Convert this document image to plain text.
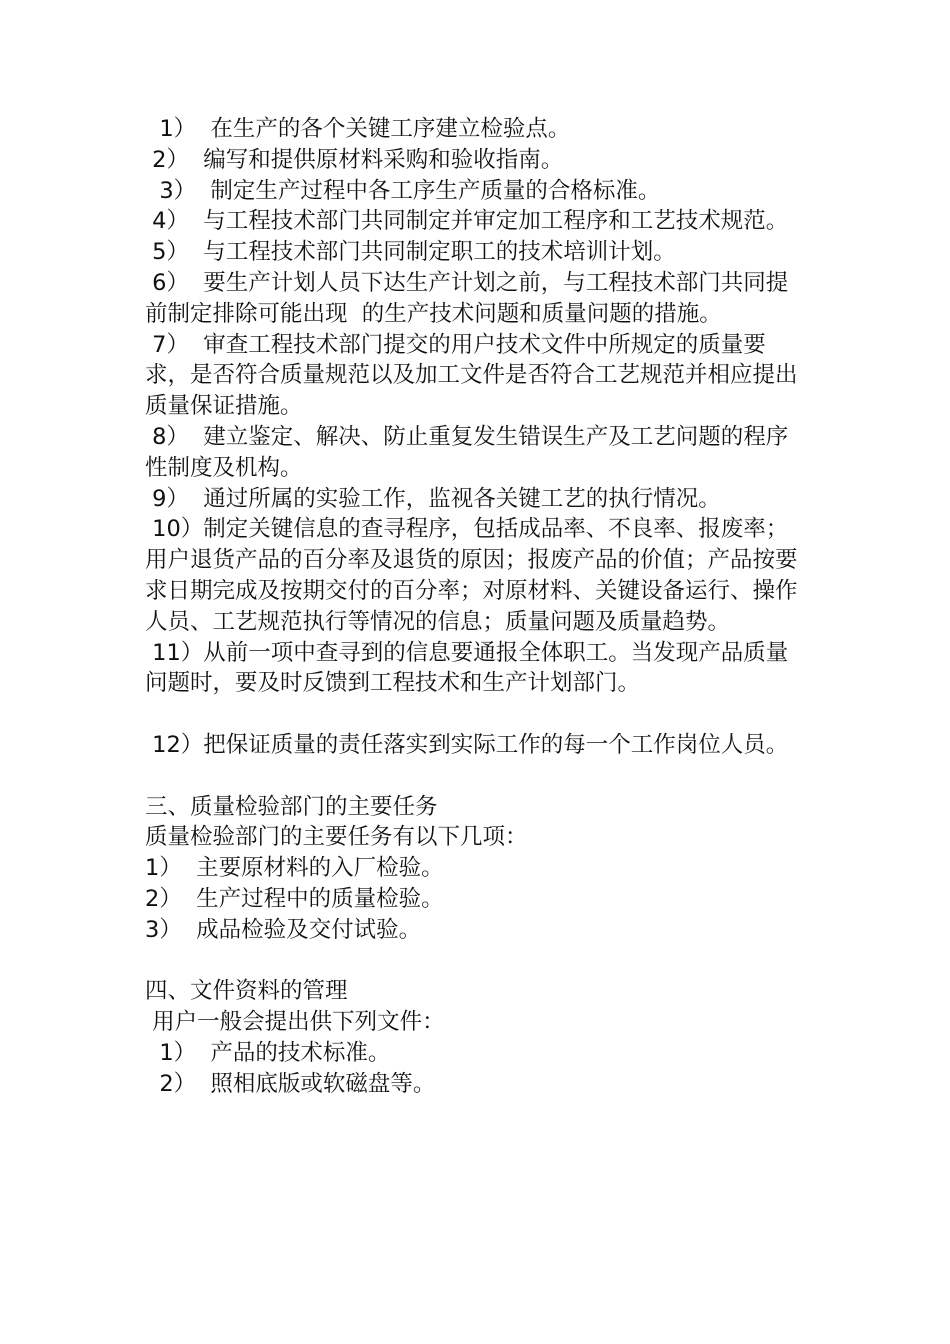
1）  在生产的各个关键工序建立检验点。

2）  编写和提供原材料采购和验收指南。

3）  制定生产过程中各工序生产质量的合格标准。

4）  与工程技术部门共同制定并审定加工程序和工艺技术规范。

5）  与工程技术部门共同制定职工的技术培训计划。

6）  要生产计划人员下达生产计划之前，与工程技术部门共同提前制定排除可能出现  的生产技术问题和质量问题的措施。

7）  审查工程技术部门提交的用户技术文件中所规定的质量要求，是否符合质量规范以及加工文件是否符合工艺规范并相应提出质量保证措施。

8）  建立鉴定、解决、防止重复发生错误生产及工艺问题的程序性制度及机构。

9）  通过所属的实验工作，监视各关键工艺的执行情况。

10）制定关键信息的查寻程序，包括成品率、不良率、报废率；用户退货产品的百分率及退货的原因；报废产品的价值；产品按要求日期完成及按期交付的百分率；对原材料、关键设备运行、操作人员、工艺规范执行等情况的信息；质量问题及质量趋势。

11）从前一项中查寻到的信息要通报全体职工。当发现产品质量问题时，要及时反馈到工程技术和生产计划部门。

12）把保证质量的责任落实到实际工作的每一个工作岗位人员。

三、质量检验部门的主要任务

质量检验部门的主要任务有以下几项：

1）  主要原材料的入厂检验。

2）  生产过程中的质量检验。

3）  成品检验及交付试验。

四、文件资料的管理

用户一般会提出供下列文件：

1）  产品的技术标准。

2）  照相底版或软磁盘等。
